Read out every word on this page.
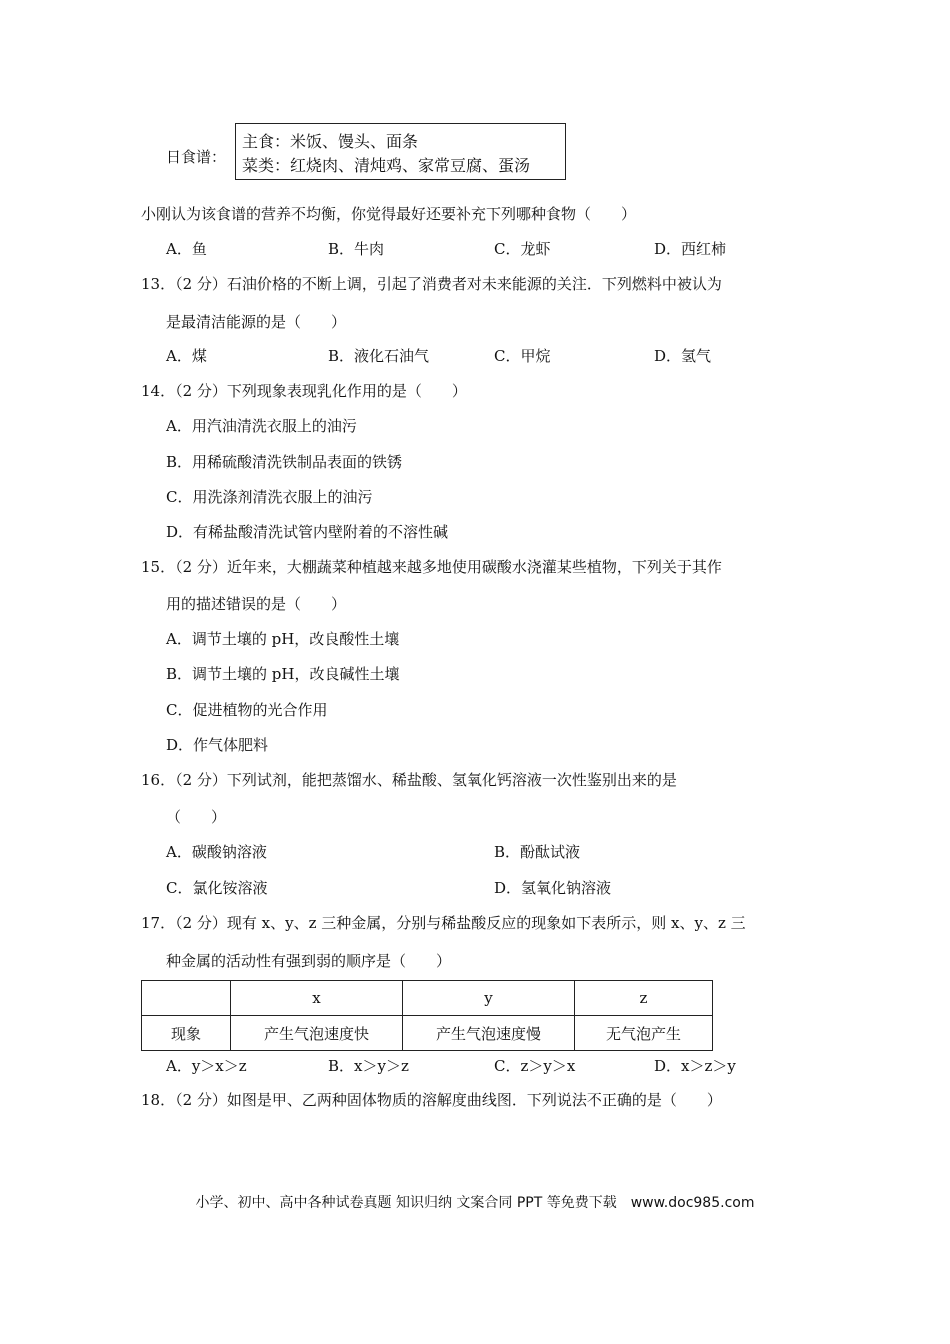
日食谱：
主食：米饭、馒头、面条
菜类：红烧肉、清炖鸡、家常豆腐、蛋汤
小刚认为该食谱的营养不均衡，你觉得最好还要补充下列哪种食物（　　）
A．鱼	B．牛肉	C．龙虾	D．西红柿
13．（2 分）石油价格的不断上调，引起了消费者对未来能源的关注．下列燃料中被认为
是最清洁能源的是（　　）
A．煤	B．液化石油气	C．甲烷	D．氢气
14．（2 分）下列现象表现乳化作用的是（　　）
A．用汽油清洗衣服上的油污
B．用稀硫酸清洗铁制品表面的铁锈
C．用洗涤剂清洗衣服上的油污
D．有稀盐酸清洗试管内壁附着的不溶性碱
15．（2 分）近年来，大棚蔬菜种植越来越多地使用碳酸水浇灌某些植物，下列关于其作
用的描述错误的是（　　）
A．调节土壤的 pH，改良酸性土壤
B．调节土壤的 pH，改良碱性土壤
C．促进植物的光合作用
D．作气体肥料
16．（2 分）下列试剂，能把蒸馏水、稀盐酸、氢氧化钙溶液一次性鉴别出来的是
（　　）
A．碳酸钠溶液	B．酚酞试液
C．氯化铵溶液	D．氢氧化钠溶液
17．（2 分）现有 x、y、z 三种金属，分别与稀盐酸反应的现象如下表所示，则 x、y、z 三
种金属的活动性有强到弱的顺序是（　　）
	x	y	z
现象	产生气泡速度快	产生气泡速度慢	无气泡产生
A．y＞x＞z	B．x＞y＞z	C．z＞y＞x	D．x＞z＞y
18．（2 分）如图是甲、乙两种固体物质的溶解度曲线图．下列说法不正确的是（　　）
小学、初中、高中各种试卷真题 知识归纳 文案合同 PPT 等免费下载　www.doc985.com
